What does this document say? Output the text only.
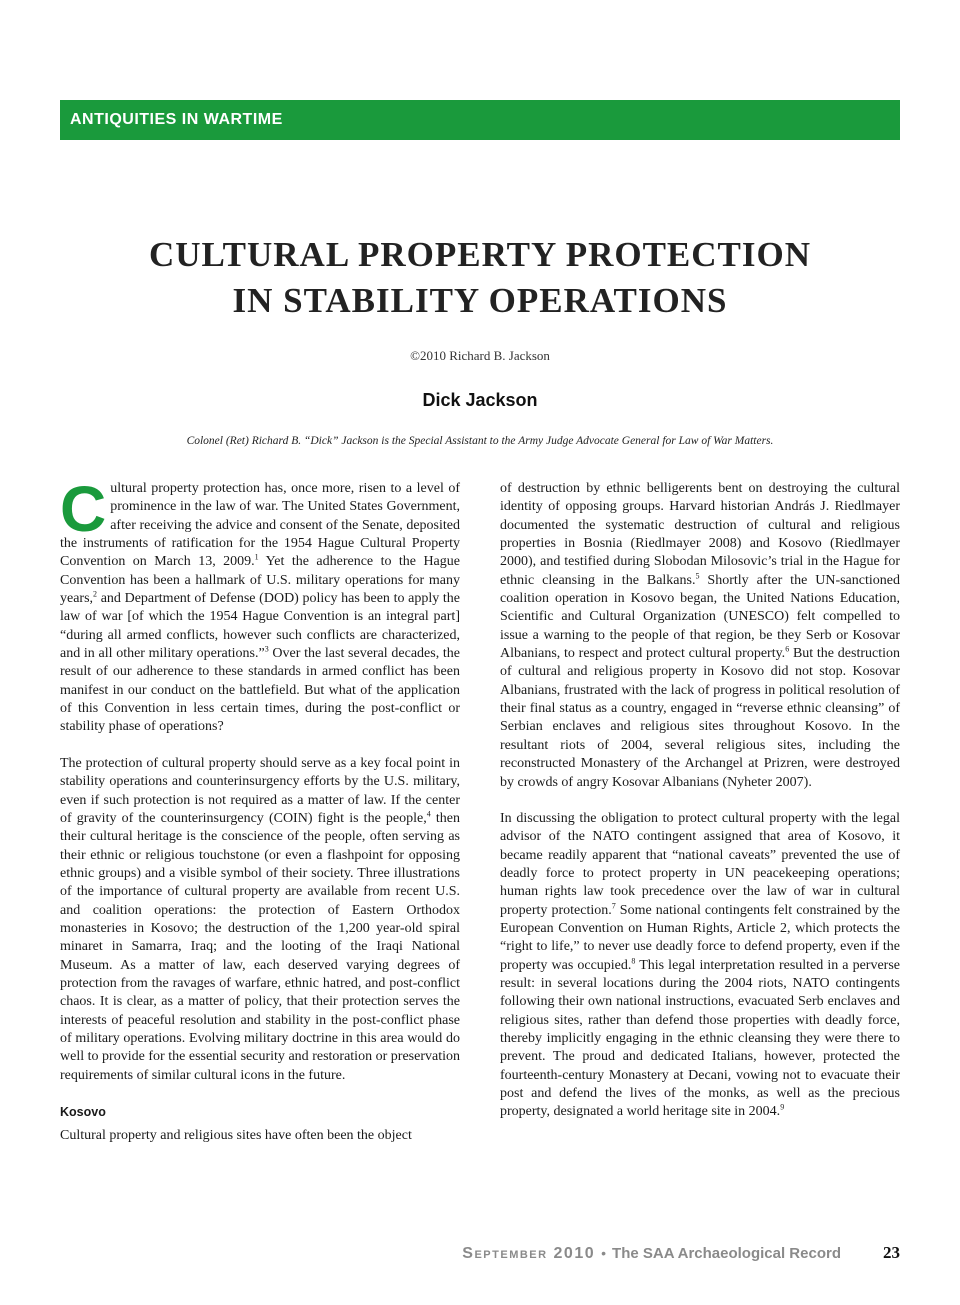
ANTIQUITIES IN WARTIME
CULTURAL PROPERTY PROTECTION
IN STABILITY OPERATIONS
©2010 Richard B. Jackson
Dick Jackson
Colonel (Ret) Richard B. “Dick” Jackson is the Special Assistant to the Army Judge Advocate General for Law of War Matters.

Cultural property protection has, once more, risen to a level of prominence in the law of war. The United States Government, after receiving the advice and consent of the Senate, deposited the instruments of ratification for the 1954 Hague Cultural Property Convention on March 13, 2009.$^1$ Yet the adherence to the Hague Convention has been a hallmark of U.S. military operations for many years,$^2$ and Department of Defense (DOD) policy has been to apply the law of war [of which the 1954 Hague Convention is an integral part] “during all armed conflicts, however such conflicts are characterized, and in all other military operations.”$^3$ Over the last several decades, the result of our adherence to these standards in armed conflict has been manifest in our conduct on the battlefield. But what of the application of this Convention in less certain times, during the post-conflict or stability phase of operations?

The protection of cultural property should serve as a key focal point in stability operations and counterinsurgency efforts by the U.S. military, even if such protection is not required as a matter of law. If the center of gravity of the counterinsurgency (COIN) fight is the people,$^4$ then their cultural heritage is the conscience of the people, often serving as their ethnic or religious touchstone (or even a flashpoint for opposing ethnic groups) and a visible symbol of their society. Three illustrations of the importance of cultural property are available from recent U.S. and coalition operations: the protection of Eastern Orthodox monasteries in Kosovo; the destruction of the 1,200 year-old spiral minaret in Samarra, Iraq; and the looting of the Iraqi National Museum. As a matter of law, each deserved varying degrees of protection from the ravages of warfare, ethnic hatred, and post-conflict chaos. It is clear, as a matter of policy, that their protection serves the interests of peaceful resolution and stability in the post-conflict phase of military operations. Evolving military doctrine in this area would do well to provide for the essential security and restoration or preservation requirements of similar cultural icons in the future.

Kosovo

Cultural property and religious sites have often been the object

of destruction by ethnic belligerents bent on destroying the cultural identity of opposing groups. Harvard historian András J. Riedlmayer documented the systematic destruction of cultural and religious properties in Bosnia (Riedlmayer 2008) and Kosovo (Riedlmayer 2000), and testified during Slobodan Milosovic’s trial in the Hague for ethnic cleansing in the Balkans.$^5$ Shortly after the UN-sanctioned coalition operation in Kosovo began, the United Nations Education, Scientific and Cultural Organization (UNESCO) felt compelled to issue a warning to the people of that region, be they Serb or Kosovar Albanians, to respect and protect cultural property.$^6$ But the destruction of cultural and religious property in Kosovo did not stop. Kosovar Albanians, frustrated with the lack of progress in political resolution of their final status as a country, engaged in “reverse ethnic cleansing” of Serbian enclaves and religious sites throughout Kosovo. In the resultant riots of 2004, several religious sites, including the reconstructed Monastery of the Archangel at Prizren, were destroyed by crowds of angry Kosovar Albanians (Nyheter 2007).

In discussing the obligation to protect cultural property with the legal advisor of the NATO contingent assigned that area of Kosovo, it became readily apparent that “national caveats” prevented the use of deadly force to protect property in UN peacekeeping operations; human rights law took precedence over the law of war in cultural property protection.$^7$ Some national contingents felt constrained by the European Convention on Human Rights, Article 2, which protects the “right to life,” to never use deadly force to defend property, even if the property was occupied.$^8$ This legal interpretation resulted in a perverse result: in several locations during the 2004 riots, NATO contingents following their own national instructions, evacuated Serb enclaves and religious sites, rather than defend those properties with deadly force, thereby implicitly engaging in the ethnic cleansing they were there to prevent. The proud and dedicated Italians, however, protected the fourteenth-century Monastery at Decani, vowing not to evacuate their post and defend the lives of the monks, as well as the precious property, designated a world heritage site in 2004.$^9$

September 2010 • The SAA Archaeological Record 23
